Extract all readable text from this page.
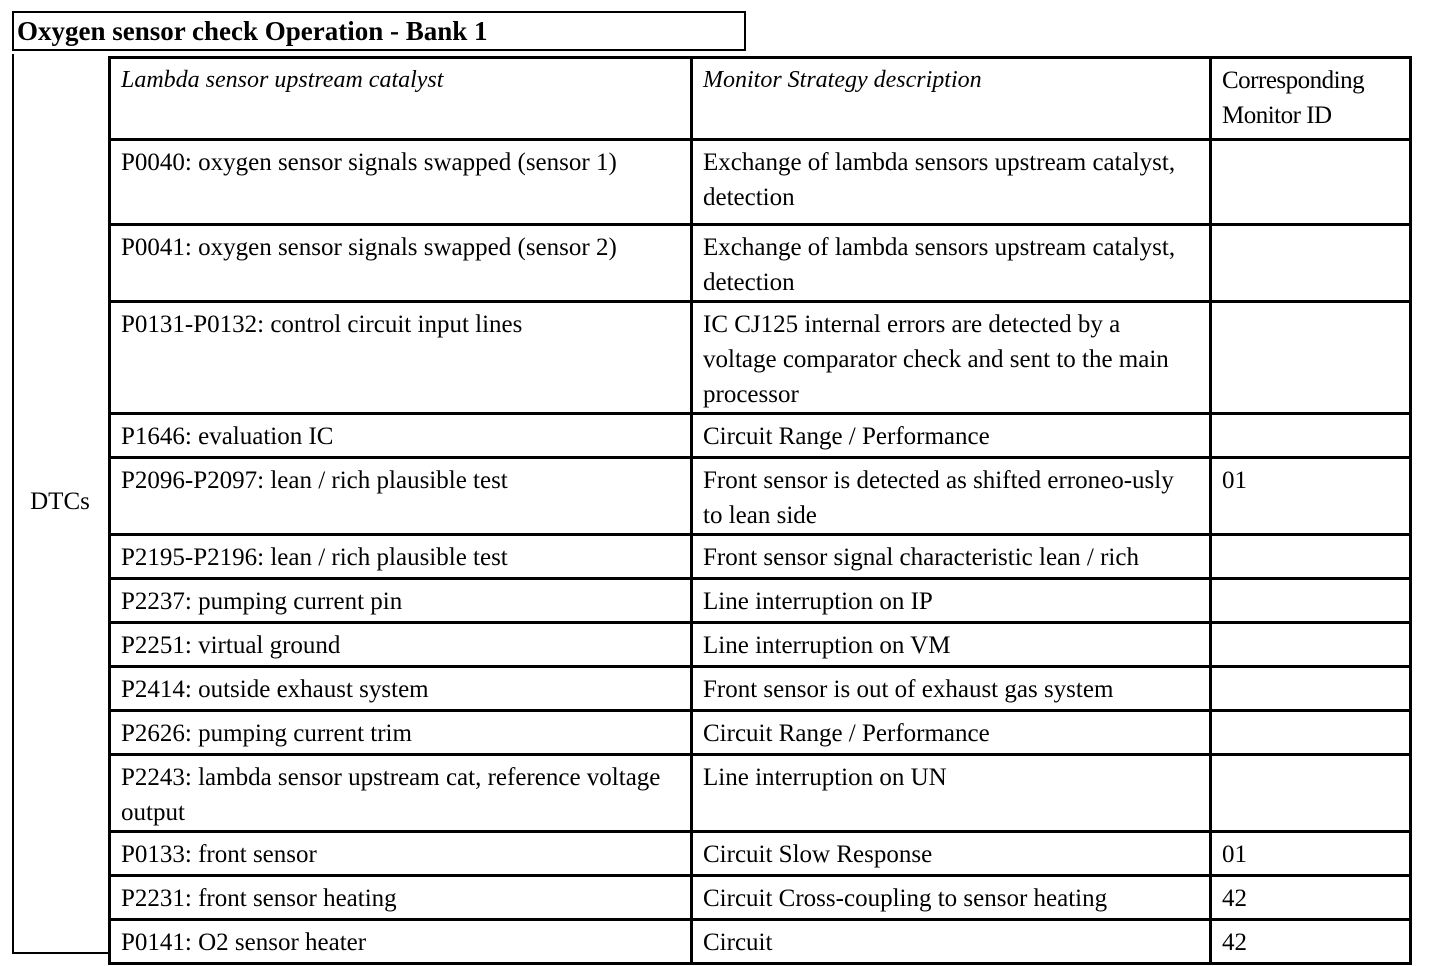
Oxygen sensor check Operation - Bank 1
DTCs
Lambda sensor upstream catalyst	Monitor Strategy description	Corresponding Monitor ID
P0040: oxygen sensor signals swapped (sensor 1)	Exchange of lambda sensors upstream catalyst, detection	
P0041: oxygen sensor signals swapped (sensor 2)	Exchange of lambda sensors upstream catalyst, detection	
P0131-P0132: control circuit input lines	IC CJ125 internal errors are detected by a voltage comparator check and sent to the main processor	
P1646: evaluation IC	Circuit Range / Performance	
P2096-P2097: lean / rich plausible test	Front sensor is detected as shifted erroneo-usly to lean side	01
P2195-P2196: lean / rich plausible test	Front sensor signal characteristic lean / rich	
P2237: pumping current pin	Line interruption on IP	
P2251: virtual ground	Line interruption on VM	
P2414: outside exhaust system	Front sensor is out of exhaust gas system	
P2626: pumping current trim	Circuit Range / Performance	
P2243: lambda sensor upstream cat, reference voltage output	Line interruption on UN	
P0133: front sensor	Circuit Slow Response	01
P2231: front sensor heating	Circuit Cross-coupling to sensor heating	42
P0141: O2 sensor heater	Circuit	42
